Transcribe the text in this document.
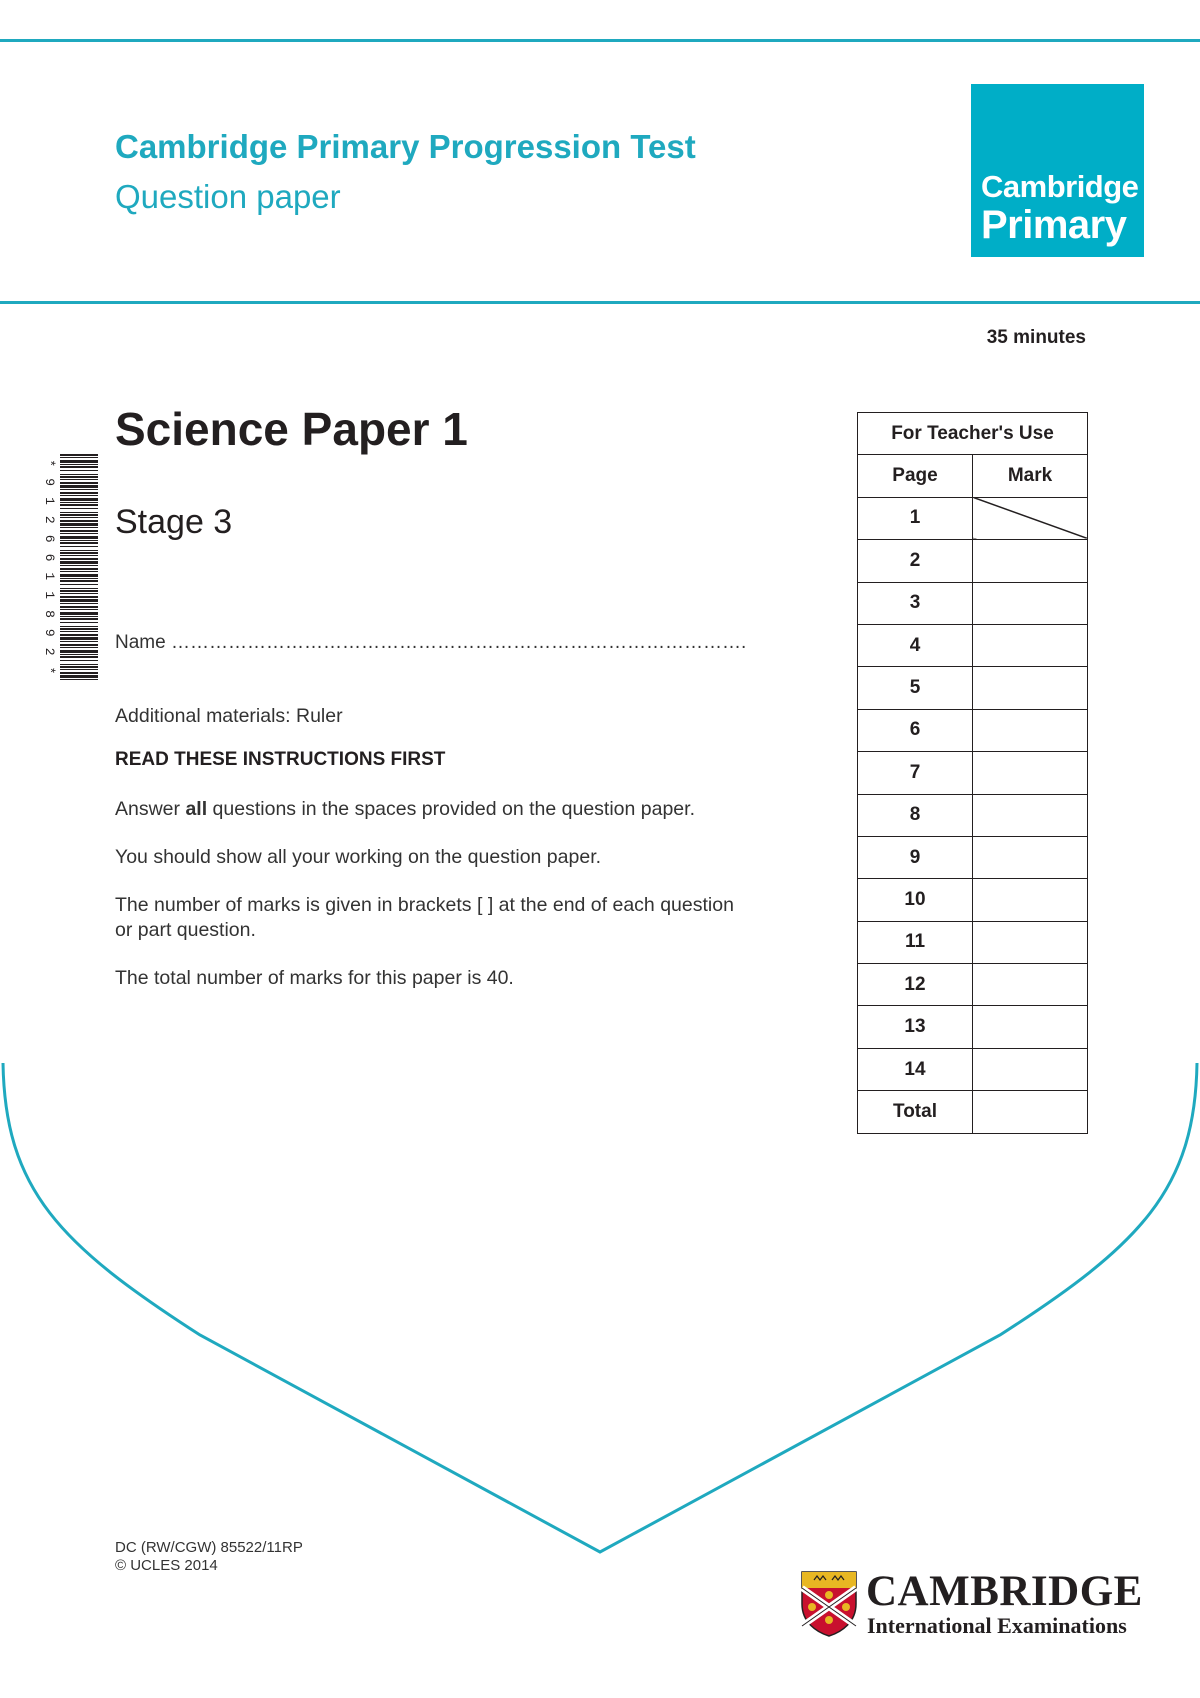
Cambridge Primary Progression Test
Question paper	Cambridge
Primary
35 minutes
*
9
1
2
6
6
1
1
8
9
2
*
Science Paper 1
Stage 3
Name ……………………………………………………………………………….
Additional materials: Ruler
READ THESE INSTRUCTIONS FIRST
Answer all questions in the spaces provided on the question paper.
You should show all your working on the question paper.
The number of marks is given in brackets [ ] at the end of each question
or part question.
The total number of marks for this paper is 40.
For Teacher's Use	
Page	Mark
1	
2	
3	
4	
5	
6	
7	
8	
9	
10	
11	
12	
13	
14	
Total	
DC (RW/CGW) 85522/11RP
© UCLES 2014
CAMBRIDGE
International Examinations
